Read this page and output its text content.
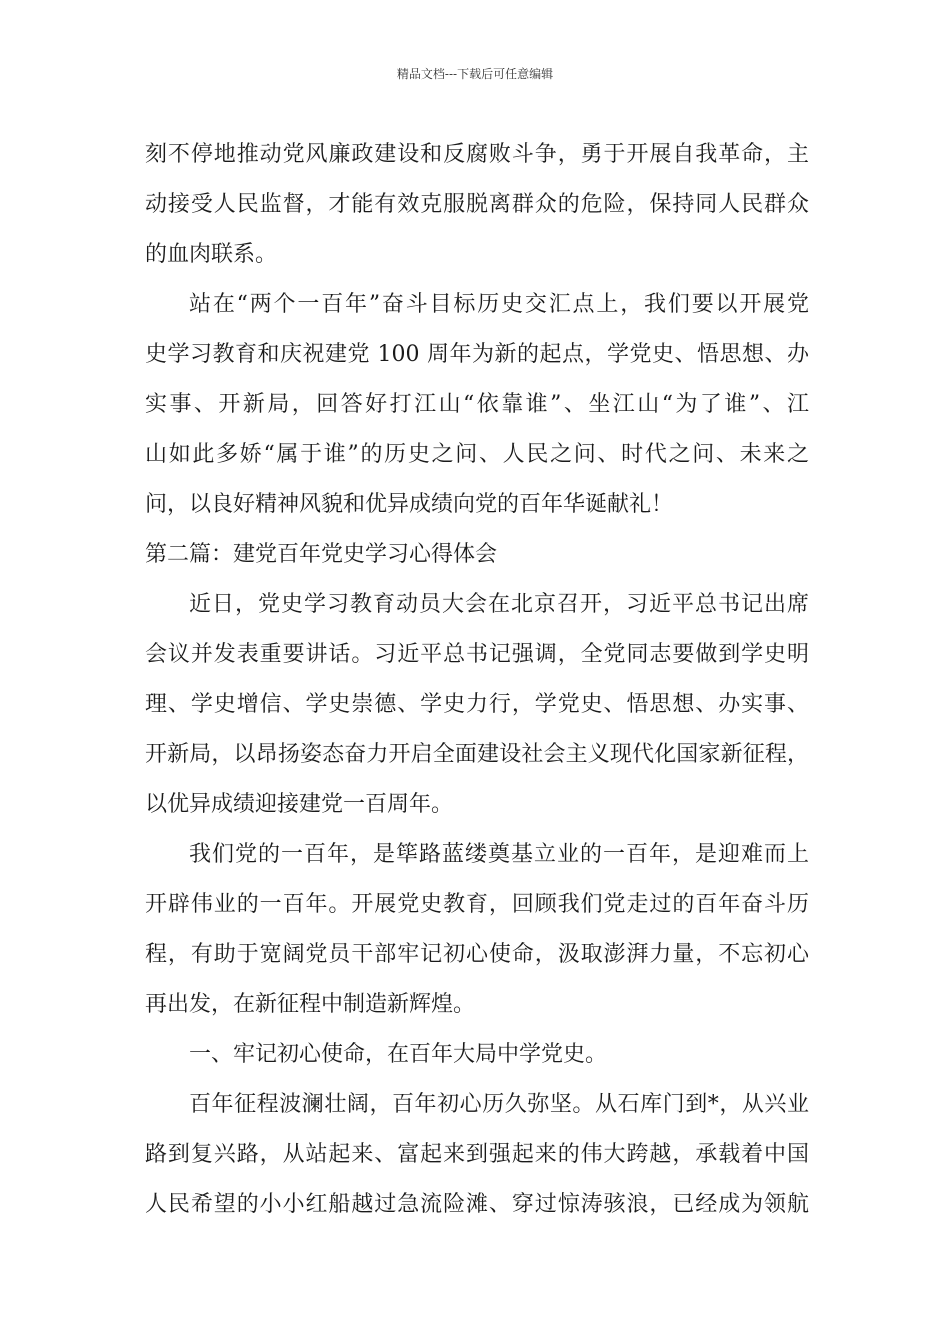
精品文档---下载后可任意编辑
刻不停地推动党风廉政建设和反腐败斗争，勇于开展自我革命，主
动接受人民监督，才能有效克服脱离群众的危险，保持同人民群众
的血肉联系。
站在“两个一百年”奋斗目标历史交汇点上，我们要以开展党
史学习教育和庆祝建党 100 周年为新的起点，学党史、悟思想、办
实事、开新局，回答好打江山“依靠谁”、坐江山“为了谁”、江
山如此多娇“属于谁”的历史之问、人民之问、时代之问、未来之
问，以良好精神风貌和优异成绩向党的百年华诞献礼！
第二篇：建党百年党史学习心得体会
近日，党史学习教育动员大会在北京召开，习近平总书记出席
会议并发表重要讲话。习近平总书记强调，全党同志要做到学史明
理、学史增信、学史崇德、学史力行，学党史、悟思想、办实事、
开新局，以昂扬姿态奋力开启全面建设社会主义现代化国家新征程，
以优异成绩迎接建党一百周年。
我们党的一百年，是筚路蓝缕奠基立业的一百年，是迎难而上
开辟伟业的一百年。开展党史教育，回顾我们党走过的百年奋斗历
程，有助于宽阔党员干部牢记初心使命，汲取澎湃力量，不忘初心
再出发，在新征程中制造新辉煌。
一、牢记初心使命，在百年大局中学党史。
百年征程波澜壮阔，百年初心历久弥坚。从石库门到*，从兴业
路到复兴路，从站起来、富起来到强起来的伟大跨越，承载着中国
人民希望的小小红船越过急流险滩、穿过惊涛骇浪，已经成为领航
